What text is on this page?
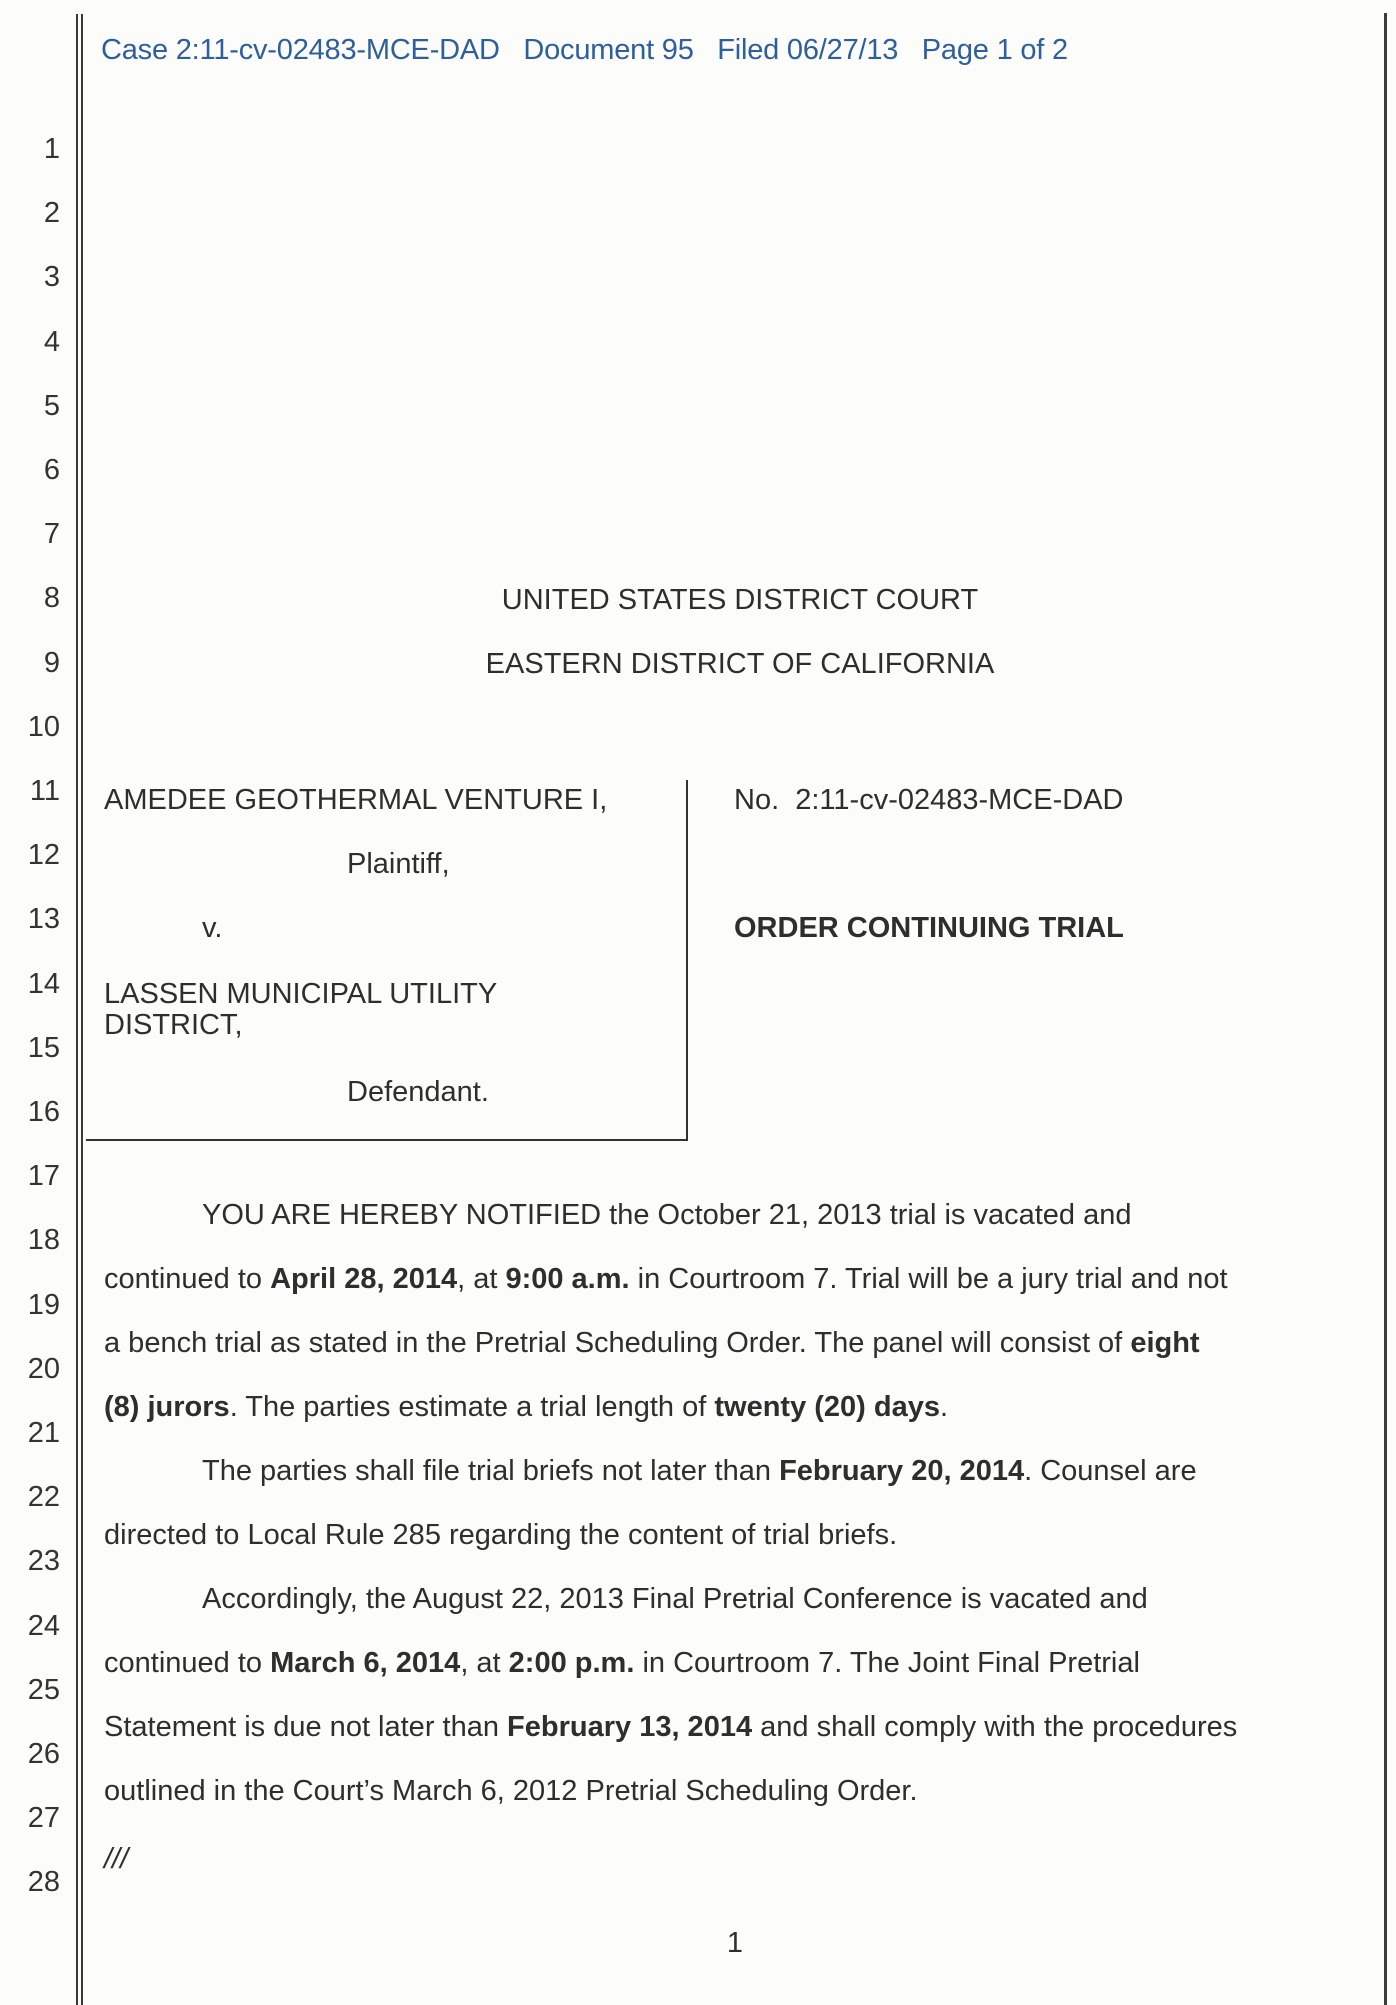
Case 2:11-cv-02483-MCE-DAD   Document 95   Filed 06/27/13   Page 1 of 2
1
2
3
4
5
6
7
8
9
10
11
12
13
14
15
16
17
18
19
20
21
22
23
24
25
26
27
28
UNITED STATES DISTRICT COURT
EASTERN DISTRICT OF CALIFORNIA
AMEDEE GEOTHERMAL VENTURE I,
Plaintiff,
v.
LASSEN MUNICIPAL UTILITY
DISTRICT,
Defendant.
No.  2:11-cv-02483-MCE-DAD
ORDER CONTINUING TRIAL
YOU ARE HEREBY NOTIFIED the October 21, 2013 trial is vacated and
continued to April 28, 2014, at 9:00 a.m. in Courtroom 7. Trial will be a jury trial and not
a bench trial as stated in the Pretrial Scheduling Order. The panel will consist of eight
(8) jurors. The parties estimate a trial length of twenty (20) days.
The parties shall file trial briefs not later than February 20, 2014. Counsel are
directed to Local Rule 285 regarding the content of trial briefs.
Accordingly, the August 22, 2013 Final Pretrial Conference is vacated and
continued to March 6, 2014, at 2:00 p.m. in Courtroom 7. The Joint Final Pretrial
Statement is due not later than February 13, 2014 and shall comply with the procedures
outlined in the Court’s March 6, 2012 Pretrial Scheduling Order.
///
1
